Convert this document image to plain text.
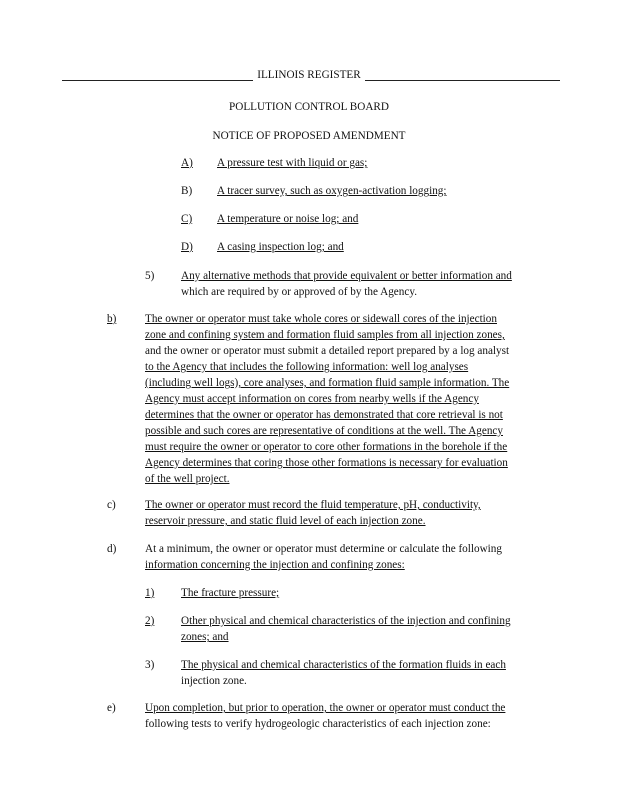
ILLINOIS REGISTER
POLLUTION CONTROL BOARD
NOTICE OF PROPOSED AMENDMENT
A) A pressure test with liquid or gas;
B) A tracer survey, such as oxygen-activation logging;
C) A temperature or noise log; and
D) A casing inspection log; and
5) Any alternative methods that provide equivalent or better information and
which are required by or approved of by the Agency.
b)	The owner or operator must take whole cores or sidewall cores of the injection
zone and confining system and formation fluid samples from all injection zones,
and the owner or operator must submit a detailed report prepared by a log analyst
to the Agency that includes the following information: well log analyses
(including well logs), core analyses, and formation fluid sample information. The
Agency must accept information on cores from nearby wells if the Agency
determines that the owner or operator has demonstrated that core retrieval is not
possible and such cores are representative of conditions at the well. The Agency
must require the owner or operator to core other formations in the borehole if the
Agency determines that coring those other formations is necessary for evaluation
of the well project.
c)	The owner or operator must record the fluid temperature, pH, conductivity,
reservoir pressure, and static fluid level of each injection zone.
d)	At a minimum, the owner or operator must determine or calculate the following
information concerning the injection and confining zones:
1) The fracture pressure;
2) Other physical and chemical characteristics of the injection and confining
zones; and
3) The physical and chemical characteristics of the formation fluids in each
injection zone.
e)	Upon completion, but prior to operation, the owner or operator must conduct the
following tests to verify hydrogeologic characteristics of each injection zone:
